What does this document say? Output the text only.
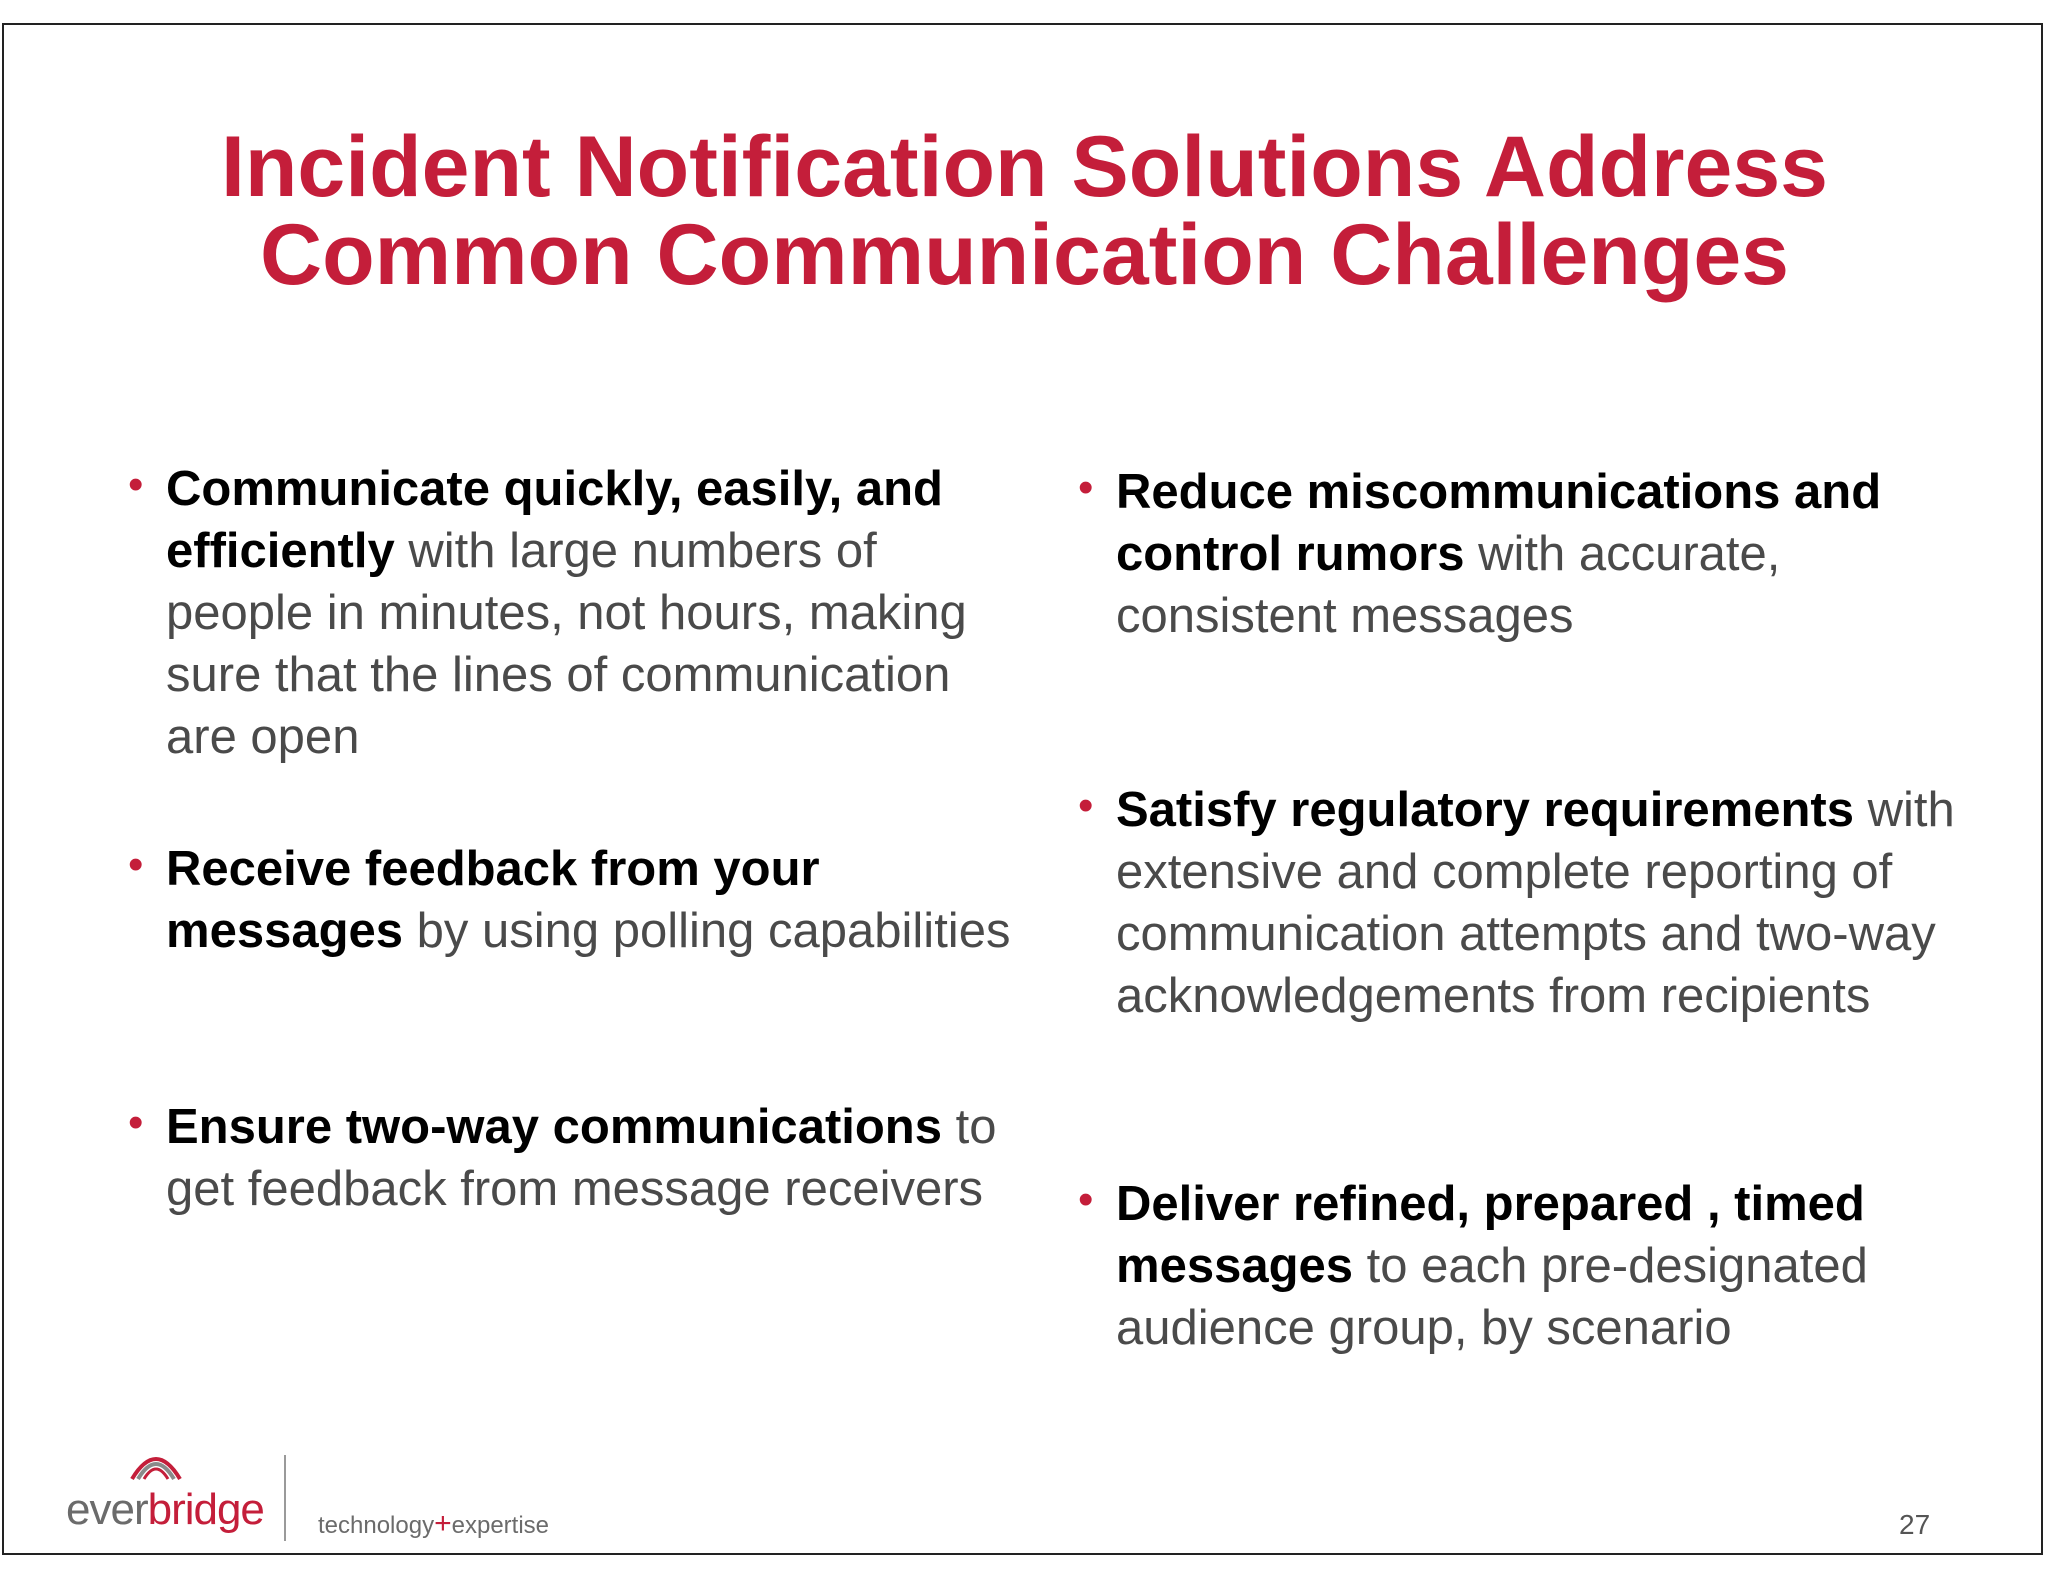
Incident Notification Solutions Address
Common Communication Challenges
• Communicate quickly, easily, and efficiently with large numbers of people in minutes, not hours, making sure that the lines of communication are open
• Receive feedback from your messages by using polling capabilities
• Ensure two-way communications to get feedback from message receivers
• Reduce miscommunications and control rumors with accurate, consistent messages
• Satisfy regulatory requirements with extensive and complete reporting of communication attempts and two-way acknowledgements from recipients
• Deliver refined, prepared , timed messages to each pre-designated audience group, by scenario
everbridge technology+expertise	27
